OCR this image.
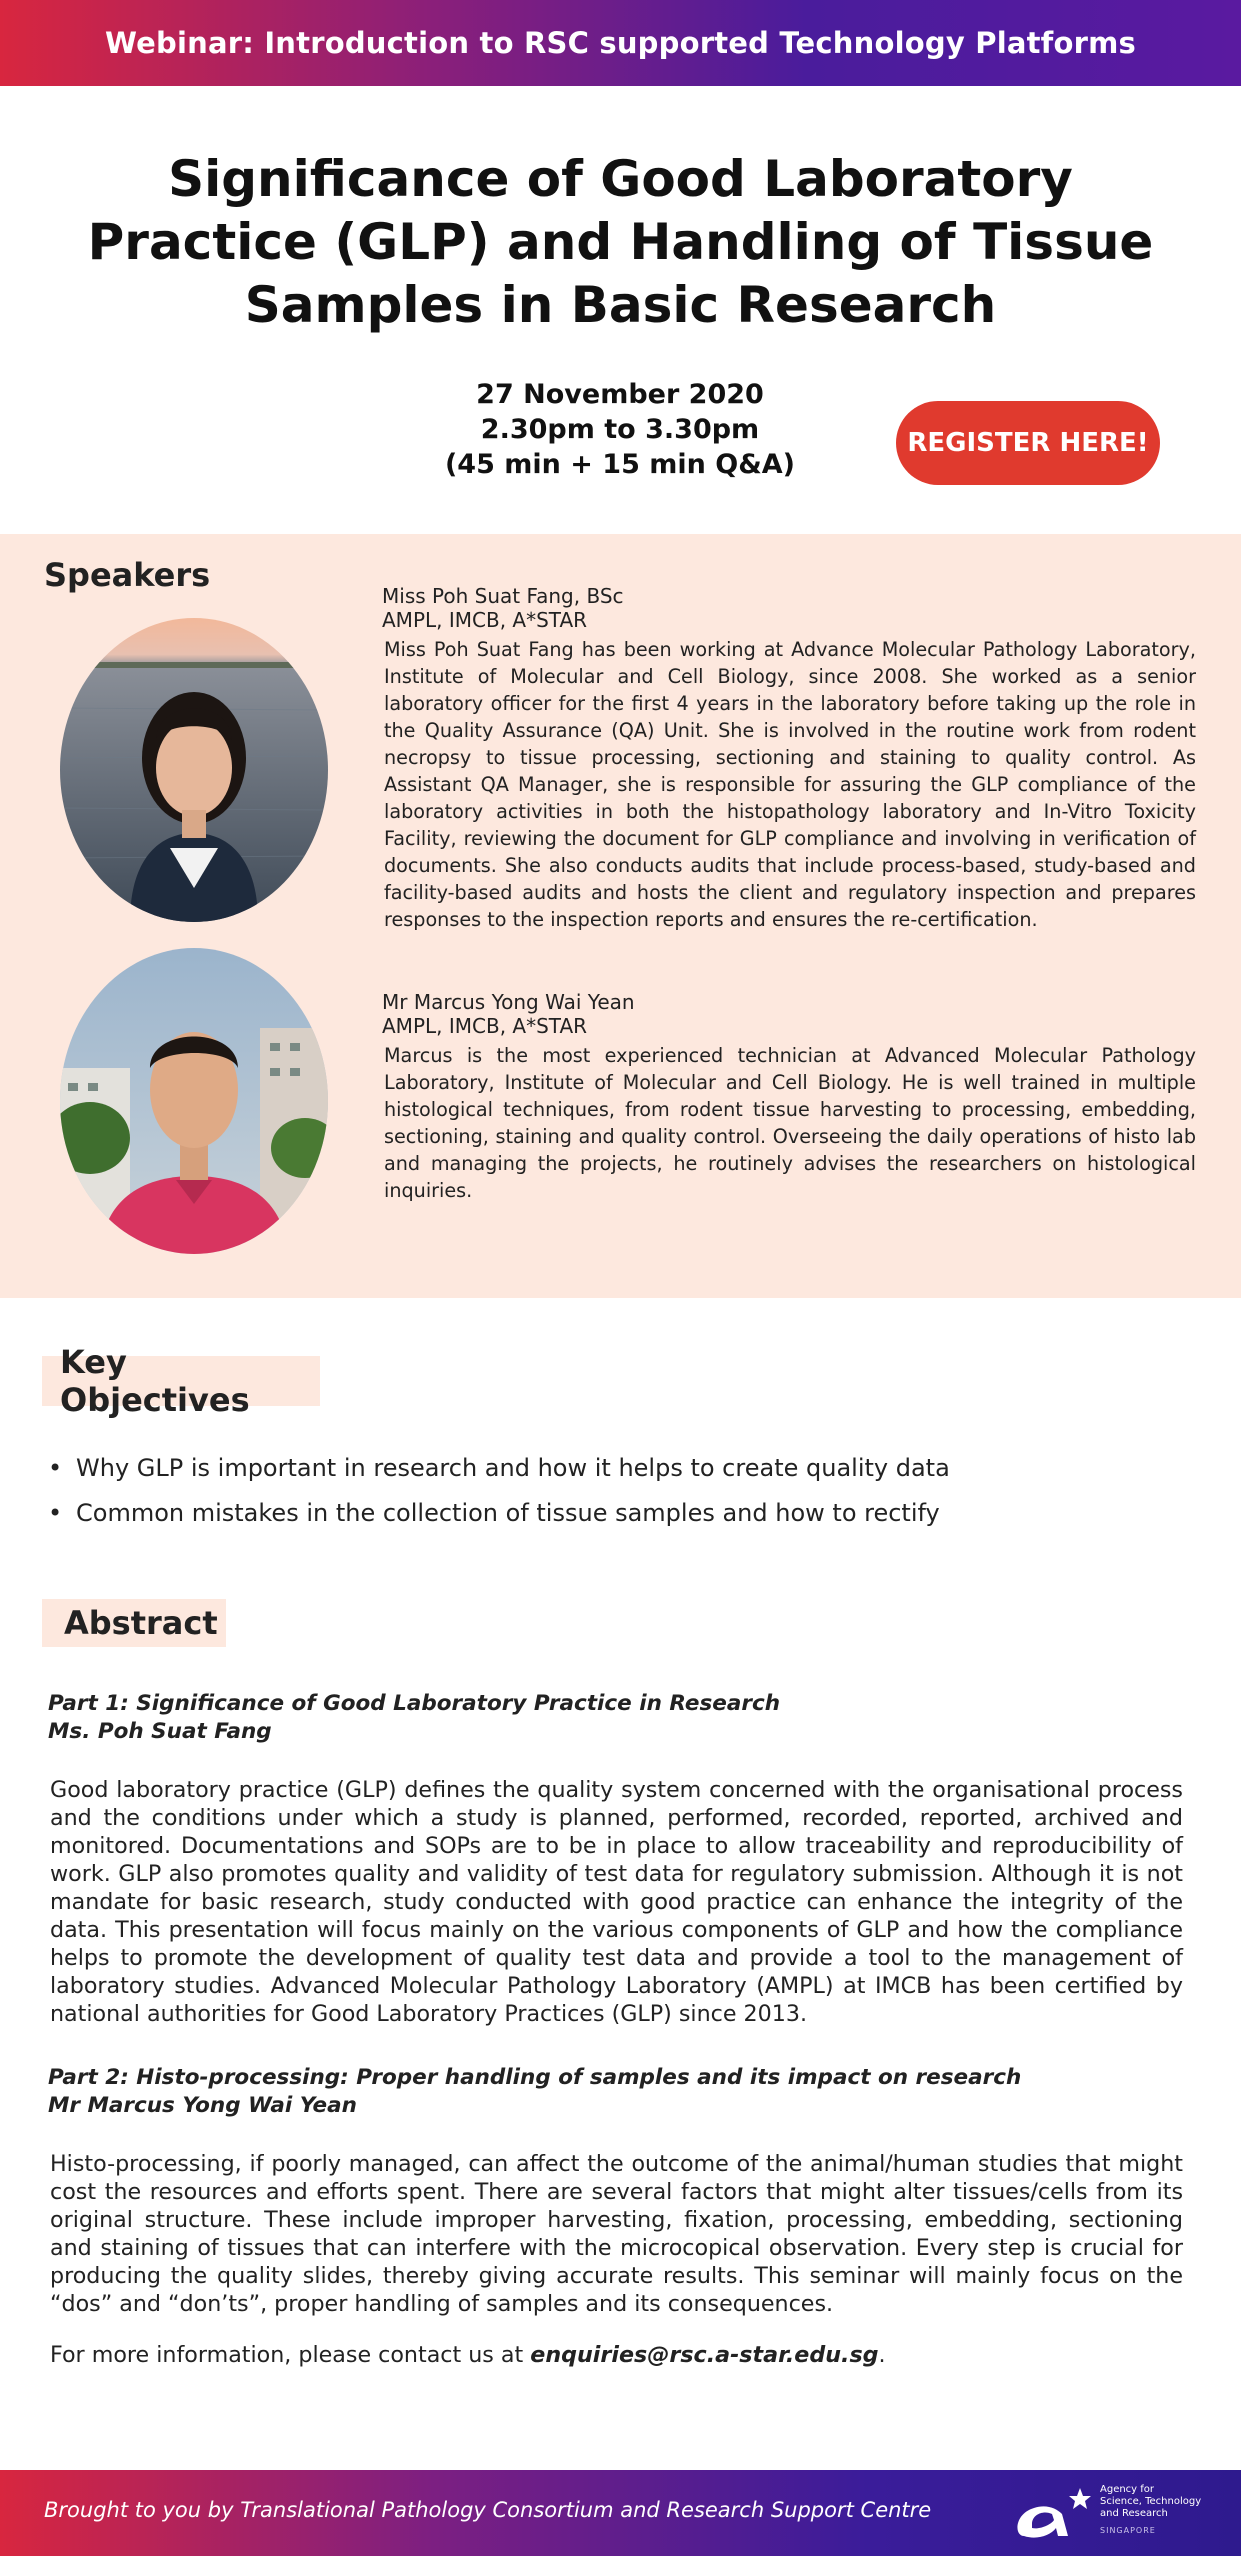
Webinar: Introduction to RSC supported Technology Platforms
Significance of Good Laboratory Practice (GLP) and Handling of Tissue Samples in Basic Research
27 November 2020
2.30pm to 3.30pm
(45 min + 15 min Q&A)
REGISTER HERE!
Speakers
Miss Poh Suat Fang, BSc
AMPL, IMCB, A*STAR

Miss Poh Suat Fang has been working at Advance Molecular Pathology Laboratory, Institute of Molecular and Cell Biology, since 2008. She worked as a senior laboratory officer for the first 4 years in the laboratory before taking up the role in the Quality Assurance (QA) Unit. She is involved in the routine work from rodent necropsy to tissue processing, sectioning and staining to quality control. As Assistant QA Manager, she is responsible for assuring the GLP compliance of the laboratory activities in both the histopathology laboratory and In-Vitro Toxicity Facility, reviewing the document for GLP compliance and involving in verification of documents. She also conducts audits that include process-based, study-based and facility-based audits and hosts the client and regulatory inspection and prepares responses to the inspection reports and ensures the re-certification.

Mr Marcus Yong Wai Yean
AMPL, IMCB, A*STAR

Marcus is the most experienced technician at Advanced Molecular Pathology Laboratory, Institute of Molecular and Cell Biology. He is well trained in multiple histological techniques, from rodent tissue harvesting to processing, embedding, sectioning, staining and quality control. Overseeing the daily operations of histo lab and managing the projects, he routinely advises the researchers on histological inquiries.

Key Objectives
• Why GLP is important in research and how it helps to create quality data
• Common mistakes in the collection of tissue samples and how to rectify
Abstract
Part 1: Significance of Good Laboratory Practice in Research
Ms. Poh Suat Fang

Good laboratory practice (GLP) defines the quality system concerned with the organisational process and the conditions under which a study is planned, performed, recorded, reported, archived and monitored. Documentations and SOPs are to be in place to allow traceability and reproducibility of work. GLP also promotes quality and validity of test data for regulatory submission. Although it is not mandate for basic research, study conducted with good practice can enhance the integrity of the data. This presentation will focus mainly on the various components of GLP and how the compliance helps to promote the development of quality test data and provide a tool to the management of laboratory studies. Advanced Molecular Pathology Laboratory (AMPL) at IMCB has been certified by national authorities for Good Laboratory Practices (GLP) since 2013.

Part 2: Histo-processing: Proper handling of samples and its impact on research
Mr Marcus Yong Wai Yean

Histo-processing, if poorly managed, can affect the outcome of the animal/human studies that might cost the resources and efforts spent. There are several factors that might alter tissues/cells from its original structure. These include improper harvesting, fixation, processing, embedding, sectioning and staining of tissues that can interfere with the microcopical observation. Every step is crucial for producing the quality slides, thereby giving accurate results. This seminar will mainly focus on the “dos” and “don’ts”, proper handling of samples and its consequences.

For more information, please contact us at enquiries@rsc.a-star.edu.sg.
Brought to you by Translational Pathology Consortium and Research Support Centre
Agency for
Science, Technology
and Research
SINGAPORE
